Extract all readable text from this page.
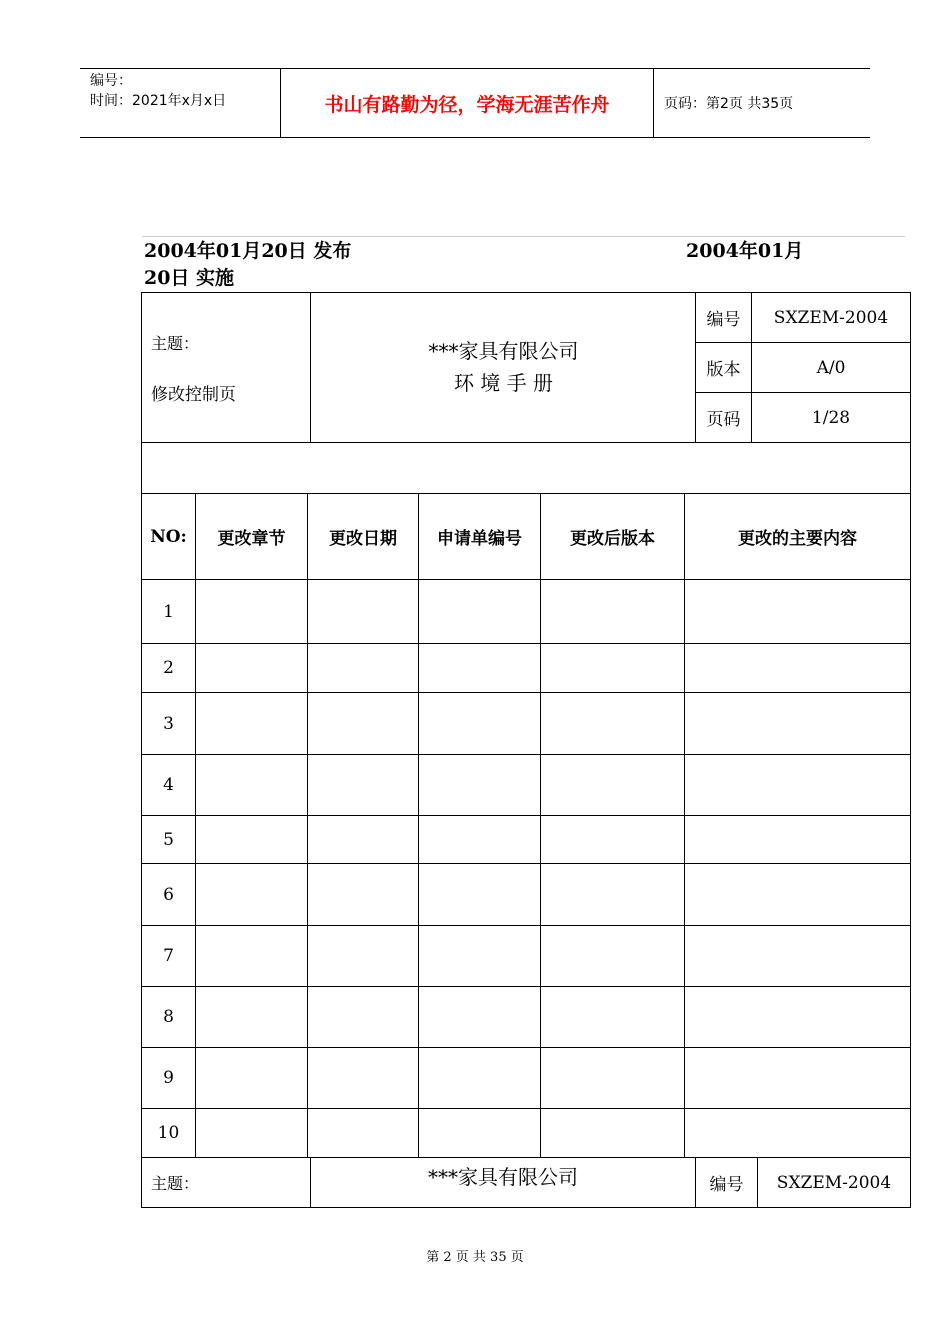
编号：
时间：2021年x月x日	书山有路勤为径，学海无涯苦作舟	页码：第2页 共35页
2004年01月20日 发布	2004年01月
20日 实施
主题：
修改控制页
***家具有限公司
环 境 手 册
编号	SXZEM-2004
版本	A/0
页码	1/28
NO:	更改章节	更改日期	申请单编号	更改后版本	更改的主要内容
1
2
3
4
5
6
7
8
9
10
主题：	***家具有限公司	编号	SXZEM-2004
第 2 页 共 35 页
